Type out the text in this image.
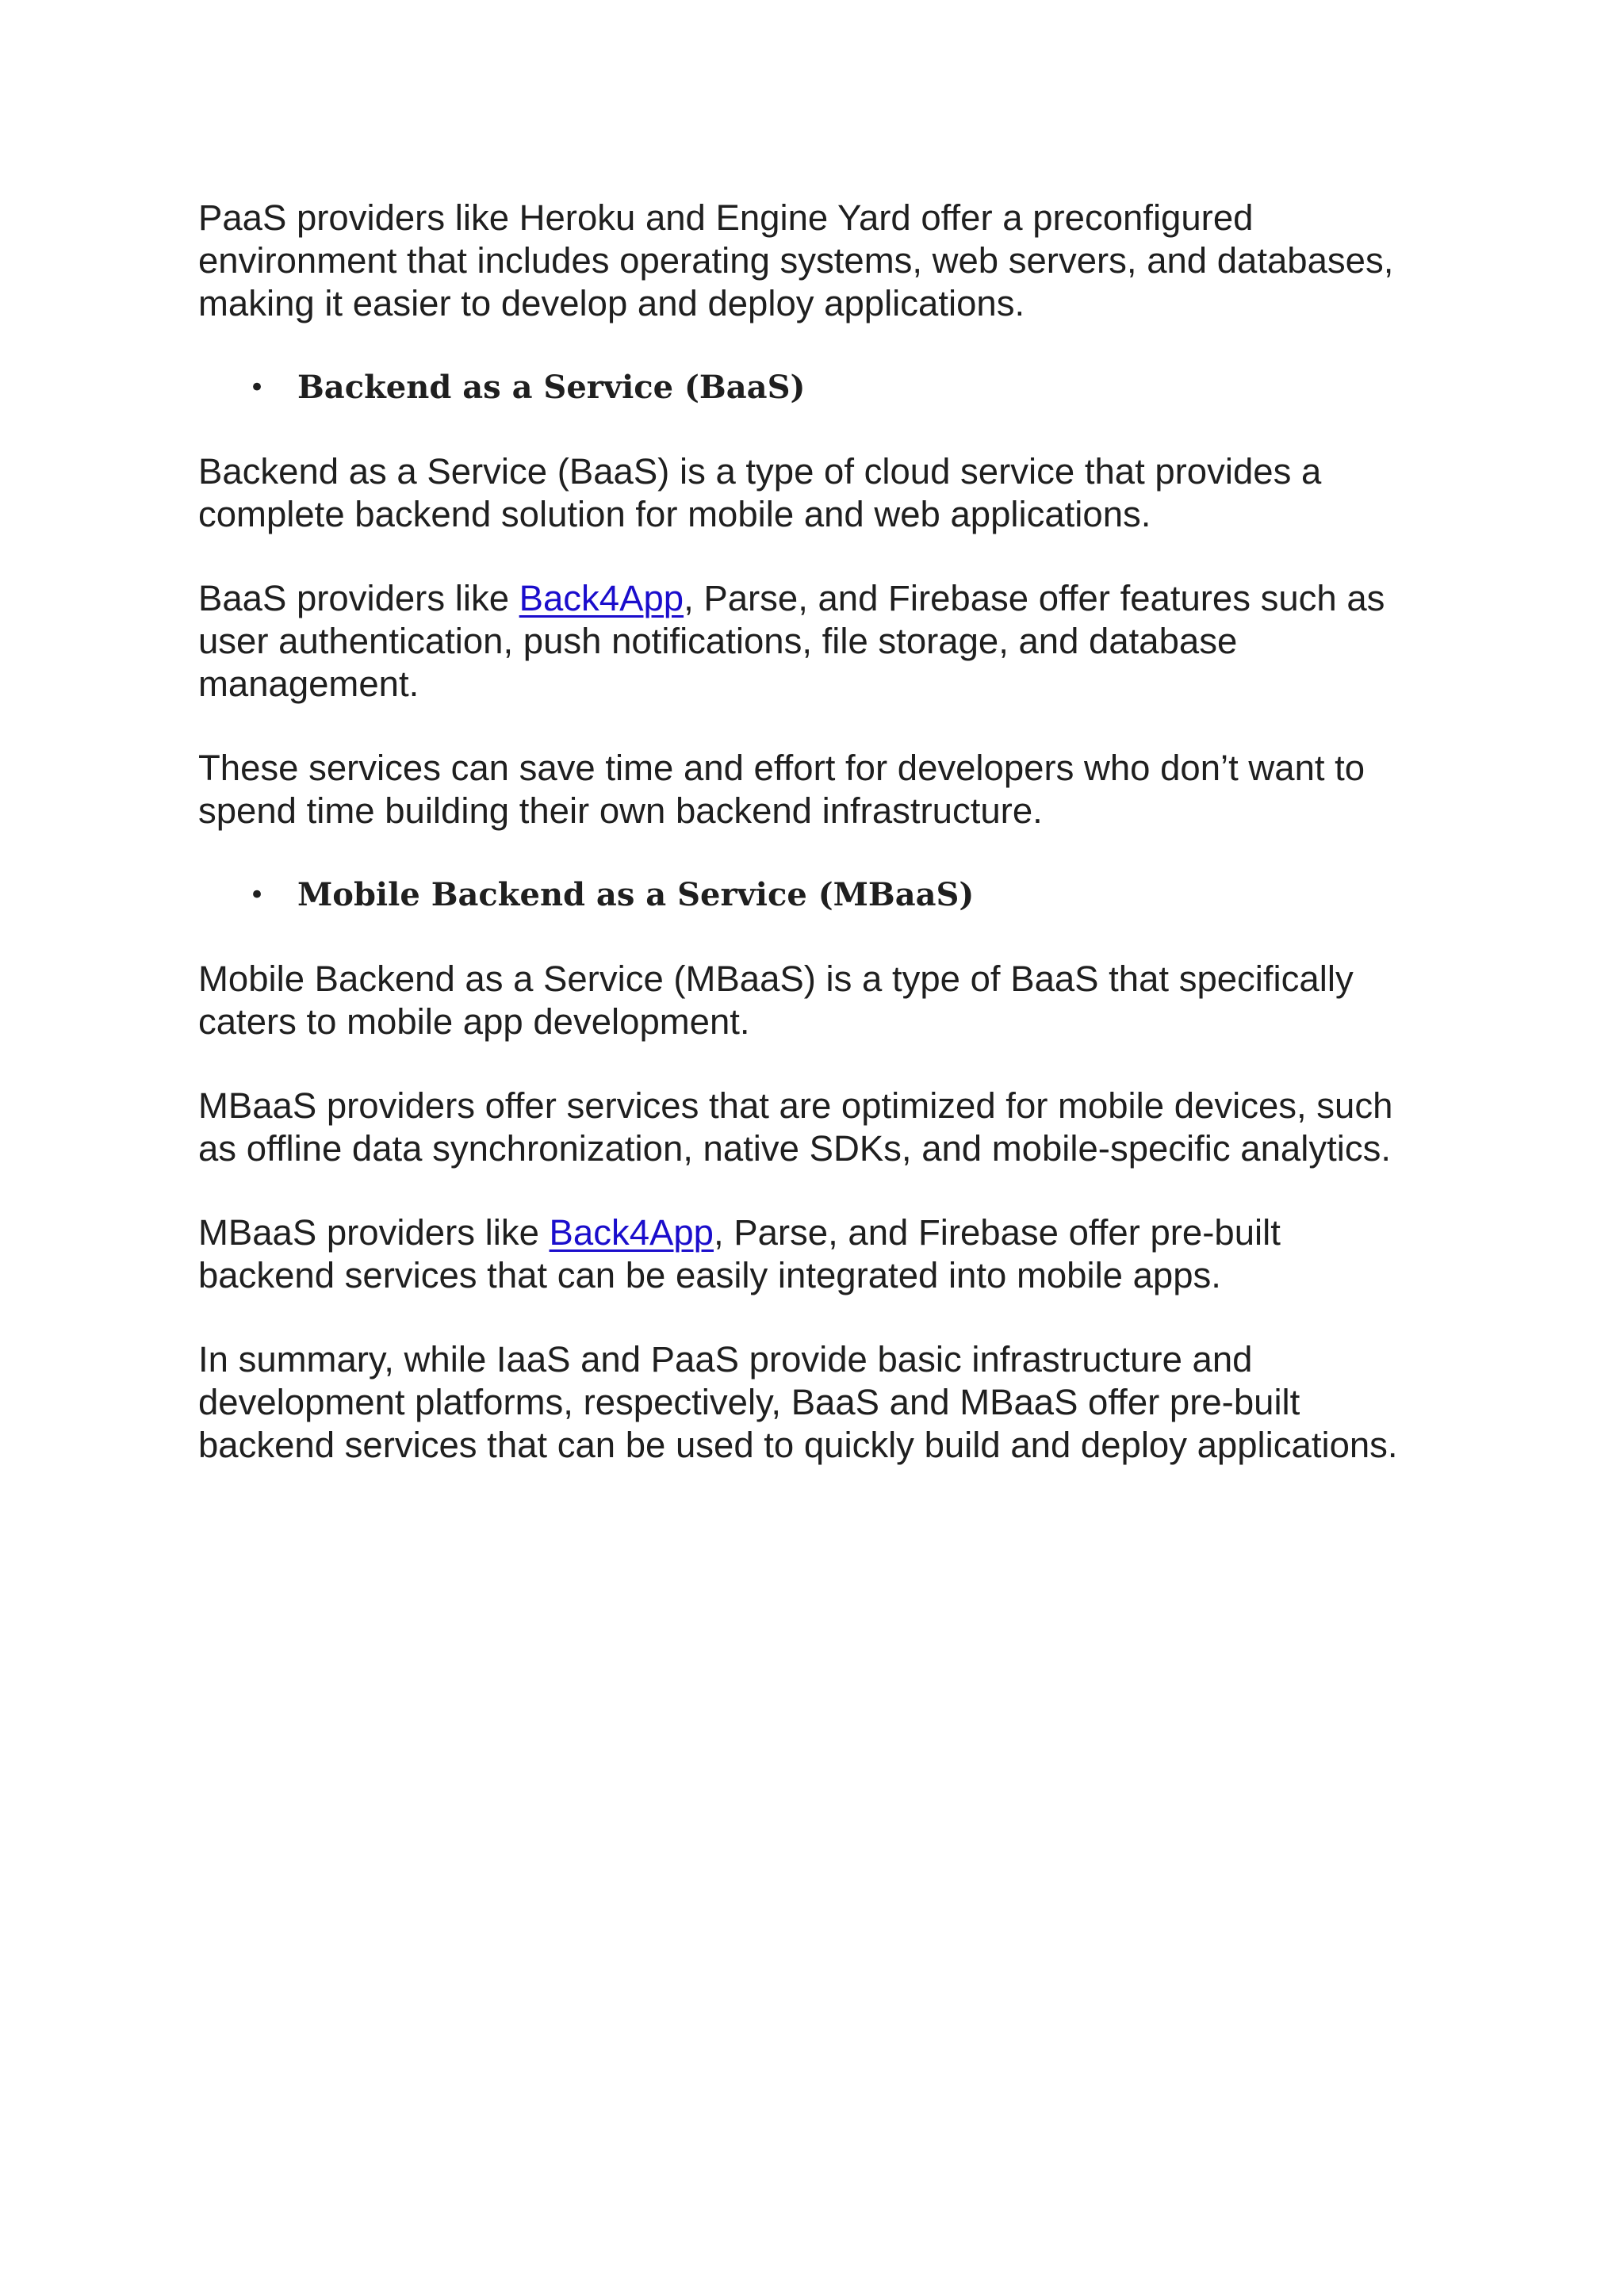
PaaS providers like Heroku and Engine Yard offer a preconfigured
environment that includes operating systems, web servers, and databases,
making it easier to develop and deploy applications.

• Backend as a Service (BaaS)

Backend as a Service (BaaS) is a type of cloud service that provides a
complete backend solution for mobile and web applications.

BaaS providers like Back4App, Parse, and Firebase offer features such as
user authentication, push notifications, file storage, and database
management.

These services can save time and effort for developers who don’t want to
spend time building their own backend infrastructure.

• Mobile Backend as a Service (MBaaS)

Mobile Backend as a Service (MBaaS) is a type of BaaS that specifically
caters to mobile app development.

MBaaS providers offer services that are optimized for mobile devices, such
as offline data synchronization, native SDKs, and mobile-specific analytics.

MBaaS providers like Back4App, Parse, and Firebase offer pre-built
backend services that can be easily integrated into mobile apps.

In summary, while IaaS and PaaS provide basic infrastructure and
development platforms, respectively, BaaS and MBaaS offer pre-built
backend services that can be used to quickly build and deploy applications.
